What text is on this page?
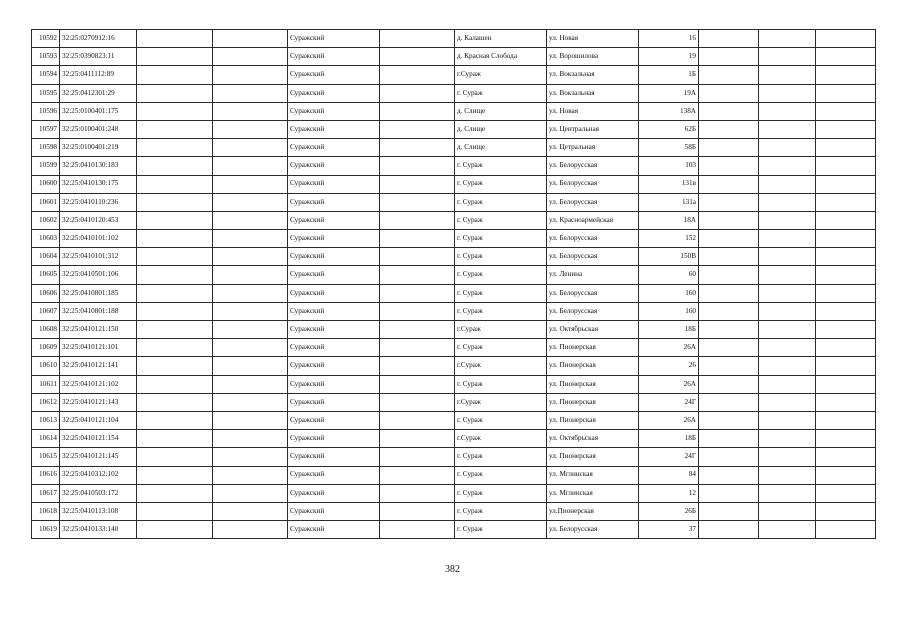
10592	32:25:0270912:16			Суражский		д. Калашен	ул. Новая	16			
10593	32:25:0390823:11			Суражский		д. Красная Слобода	ул. Ворошилова	19			
10594	32:25:0411112:89			Суражский		г.Сураж	ул. Вокзальная	1Б			
10595	32:25:0412301:29			Суражский		г. Сураж	ул. Вокзальная	19А			
10596	32:25:0100401:175			Суражский		д. Слище	ул. Новая	138А			
10597	32:25:0100401:248			Суражский		д. Слище	ул. Центральная	62Б			
10598	32:25:0100401:219			Суражский		д. Слище	ул. Цетральная	58Б			
10599	32:25:0410130:183			Суражский		г. Сураж	ул. Белорусская	103			
10600	32:25:0410130:175			Суражский		г. Сураж	ул. Белорусская	131в			
10601	32:25:0410110:236			Суражский		г. Сураж	ул. Белорусская	131а			
10602	32:25:0410120:453			Суражский		г. Сураж	ул. Красноармейская	18А			
10603	32:25:0410101:102			Суражский		г. Сураж	ул. Белорусская	152			
10604	32:25:0410101:312			Суражский		г. Сураж	ул. Белорусская	150В			
10605	32:25:0410501:106			Суражский		г. Сураж	ул. Ленина	60			
10606	32:25:0410801:185			Суражский		г. Сураж	ул. Белорусская	160			
10607	32:25:0410801:188			Суражский		г. Сураж	ул. Белорусская	160			
10608	32:25:0410121:150			Суражский		г.Сураж	ул. Октябрьская	18Б			
10609	32:25:0410121:101			Суражский		г. Сураж	ул. Пионерская	26А			
10610	32:25:0410121:141			Суражский		г.Сураж	ул. Пионерская	26			
10611	32:25:0410121:102			Суражский		г. Сураж	ул. Пионерская	26А			
10612	32:25:0410121:143			Суражский		г.Сураж	ул. Пионерская	24Г			
10613	32:25:0410121:104			Суражский		г. Сураж	ул. Пионерская	26А			
10614	32:25:0410121:154			Суражский		г.Сураж	ул. Октябрьская	18Б			
10615	32:25:0410121:145			Суражский		г. Сураж	ул. Пионерская	24Г			
10616	32:25:0410312:102			Суражский		г. Сураж	ул. Мглинская	84			
10617	32:25:0410503:172			Суражский		г. Сураж	ул. Мглинская	12			
10618	32:25:0410113:108			Суражский		г. Сураж	ул.Пионерская	26Б			
10619	32:25:0410133:140			Суражский		г. Сураж	ул. Белорусская	37			
382
